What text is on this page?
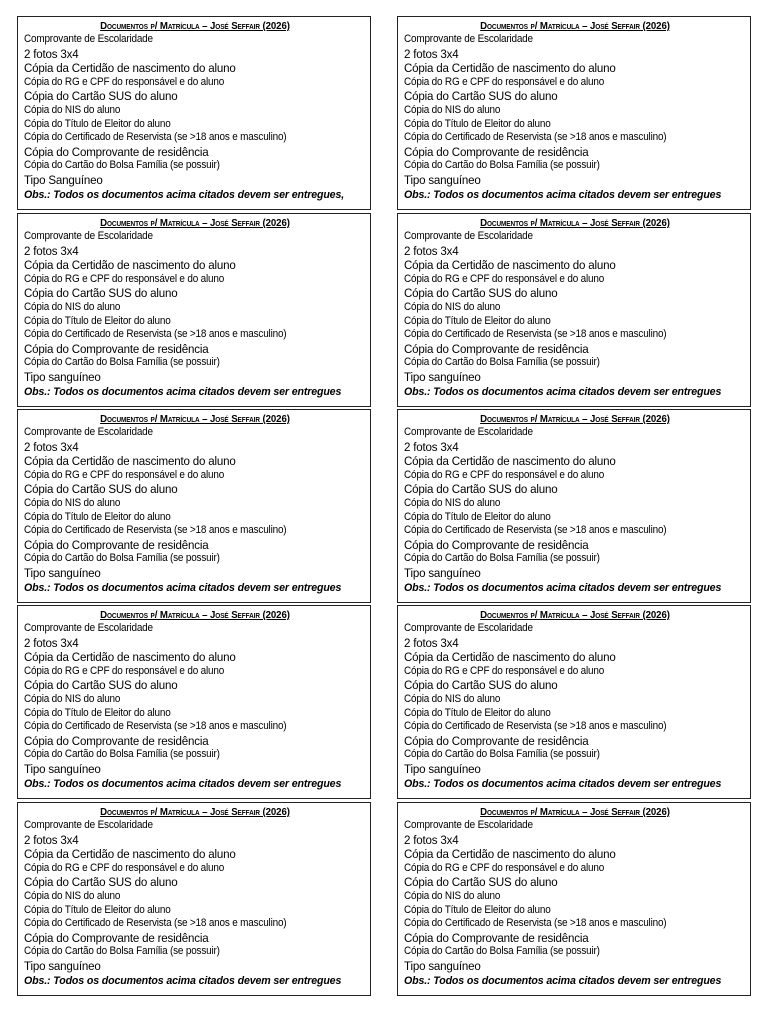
Documentos p/ Matrícula – José Seffair (2026)
Comprovante de Escolaridade
2 fotos 3x4
Cópia da Certidão de nascimento do aluno
Cópia do RG e CPF do responsável e do aluno
Cópia do Cartão SUS do aluno
Cópia do NIS do aluno
Cópia do Título de Eleitor do aluno
Cópia do Certificado de Reservista (se >18 anos e masculino)
Cópia do Comprovante de residência
Cópia do Cartão do Bolsa Família (se possuir)
Tipo Sanguíneo
Obs.: Todos os documentos acima citados devem ser entregues,
Documentos p/ Matrícula – José Seffair (2026)
Comprovante de Escolaridade
2 fotos 3x4
Cópia da Certidão de nascimento do aluno
Cópia do RG e CPF do responsável e do aluno
Cópia do Cartão SUS do aluno
Cópia do NIS do aluno
Cópia do Título de Eleitor do aluno
Cópia do Certificado de Reservista (se >18 anos e masculino)
Cópia do Comprovante de residência
Cópia do Cartão do Bolsa Família (se possuir)
Tipo sanguíneo
Obs.: Todos os documentos acima citados devem ser entregues
Documentos p/ Matrícula – José Seffair (2026)
Comprovante de Escolaridade
2 fotos 3x4
Cópia da Certidão de nascimento do aluno
Cópia do RG e CPF do responsável e do aluno
Cópia do Cartão SUS do aluno
Cópia do NIS do aluno
Cópia do Título de Eleitor do aluno
Cópia do Certificado de Reservista (se >18 anos e masculino)
Cópia do Comprovante de residência
Cópia do Cartão do Bolsa Família (se possuir)
Tipo sanguíneo
Obs.: Todos os documentos acima citados devem ser entregues
Documentos p/ Matrícula – José Seffair (2026)
Comprovante de Escolaridade
2 fotos 3x4
Cópia da Certidão de nascimento do aluno
Cópia do RG e CPF do responsável e do aluno
Cópia do Cartão SUS do aluno
Cópia do NIS do aluno
Cópia do Título de Eleitor do aluno
Cópia do Certificado de Reservista (se >18 anos e masculino)
Cópia do Comprovante de residência
Cópia do Cartão do Bolsa Família (se possuir)
Tipo sanguíneo
Obs.: Todos os documentos acima citados devem ser entregues
Documentos p/ Matrícula – José Seffair (2026)
Comprovante de Escolaridade
2 fotos 3x4
Cópia da Certidão de nascimento do aluno
Cópia do RG e CPF do responsável e do aluno
Cópia do Cartão SUS do aluno
Cópia do NIS do aluno
Cópia do Título de Eleitor do aluno
Cópia do Certificado de Reservista (se >18 anos e masculino)
Cópia do Comprovante de residência
Cópia do Cartão do Bolsa Família (se possuir)
Tipo sanguíneo
Obs.: Todos os documentos acima citados devem ser entregues
Documentos p/ Matrícula – José Seffair (2026)
Comprovante de Escolaridade
2 fotos 3x4
Cópia da Certidão de nascimento do aluno
Cópia do RG e CPF do responsável e do aluno
Cópia do Cartão SUS do aluno
Cópia do NIS do aluno
Cópia do Título de Eleitor do aluno
Cópia do Certificado de Reservista (se >18 anos e masculino)
Cópia do Comprovante de residência
Cópia do Cartão do Bolsa Família (se possuir)
Tipo sanguíneo
Obs.: Todos os documentos acima citados devem ser entregues
Documentos p/ Matrícula – José Seffair (2026)
Comprovante de Escolaridade
2 fotos 3x4
Cópia da Certidão de nascimento do aluno
Cópia do RG e CPF do responsável e do aluno
Cópia do Cartão SUS do aluno
Cópia do NIS do aluno
Cópia do Título de Eleitor do aluno
Cópia do Certificado de Reservista (se >18 anos e masculino)
Cópia do Comprovante de residência
Cópia do Cartão do Bolsa Família (se possuir)
Tipo sanguíneo
Obs.: Todos os documentos acima citados devem ser entregues
Documentos p/ Matrícula – José Seffair (2026)
Comprovante de Escolaridade
2 fotos 3x4
Cópia da Certidão de nascimento do aluno
Cópia do RG e CPF do responsável e do aluno
Cópia do Cartão SUS do aluno
Cópia do NIS do aluno
Cópia do Título de Eleitor do aluno
Cópia do Certificado de Reservista (se >18 anos e masculino)
Cópia do Comprovante de residência
Cópia do Cartão do Bolsa Família (se possuir)
Tipo sanguíneo
Obs.: Todos os documentos acima citados devem ser entregues
Documentos p/ Matrícula – José Seffair (2026)
Comprovante de Escolaridade
2 fotos 3x4
Cópia da Certidão de nascimento do aluno
Cópia do RG e CPF do responsável e do aluno
Cópia do Cartão SUS do aluno
Cópia do NIS do aluno
Cópia do Título de Eleitor do aluno
Cópia do Certificado de Reservista (se >18 anos e masculino)
Cópia do Comprovante de residência
Cópia do Cartão do Bolsa Família (se possuir)
Tipo sanguíneo
Obs.: Todos os documentos acima citados devem ser entregues
Documentos p/ Matrícula – José Seffair (2026)
Comprovante de Escolaridade
2 fotos 3x4
Cópia da Certidão de nascimento do aluno
Cópia do RG e CPF do responsável e do aluno
Cópia do Cartão SUS do aluno
Cópia do NIS do aluno
Cópia do Título de Eleitor do aluno
Cópia do Certificado de Reservista (se >18 anos e masculino)
Cópia do Comprovante de residência
Cópia do Cartão do Bolsa Família (se possuir)
Tipo sanguíneo
Obs.: Todos os documentos acima citados devem ser entregues
